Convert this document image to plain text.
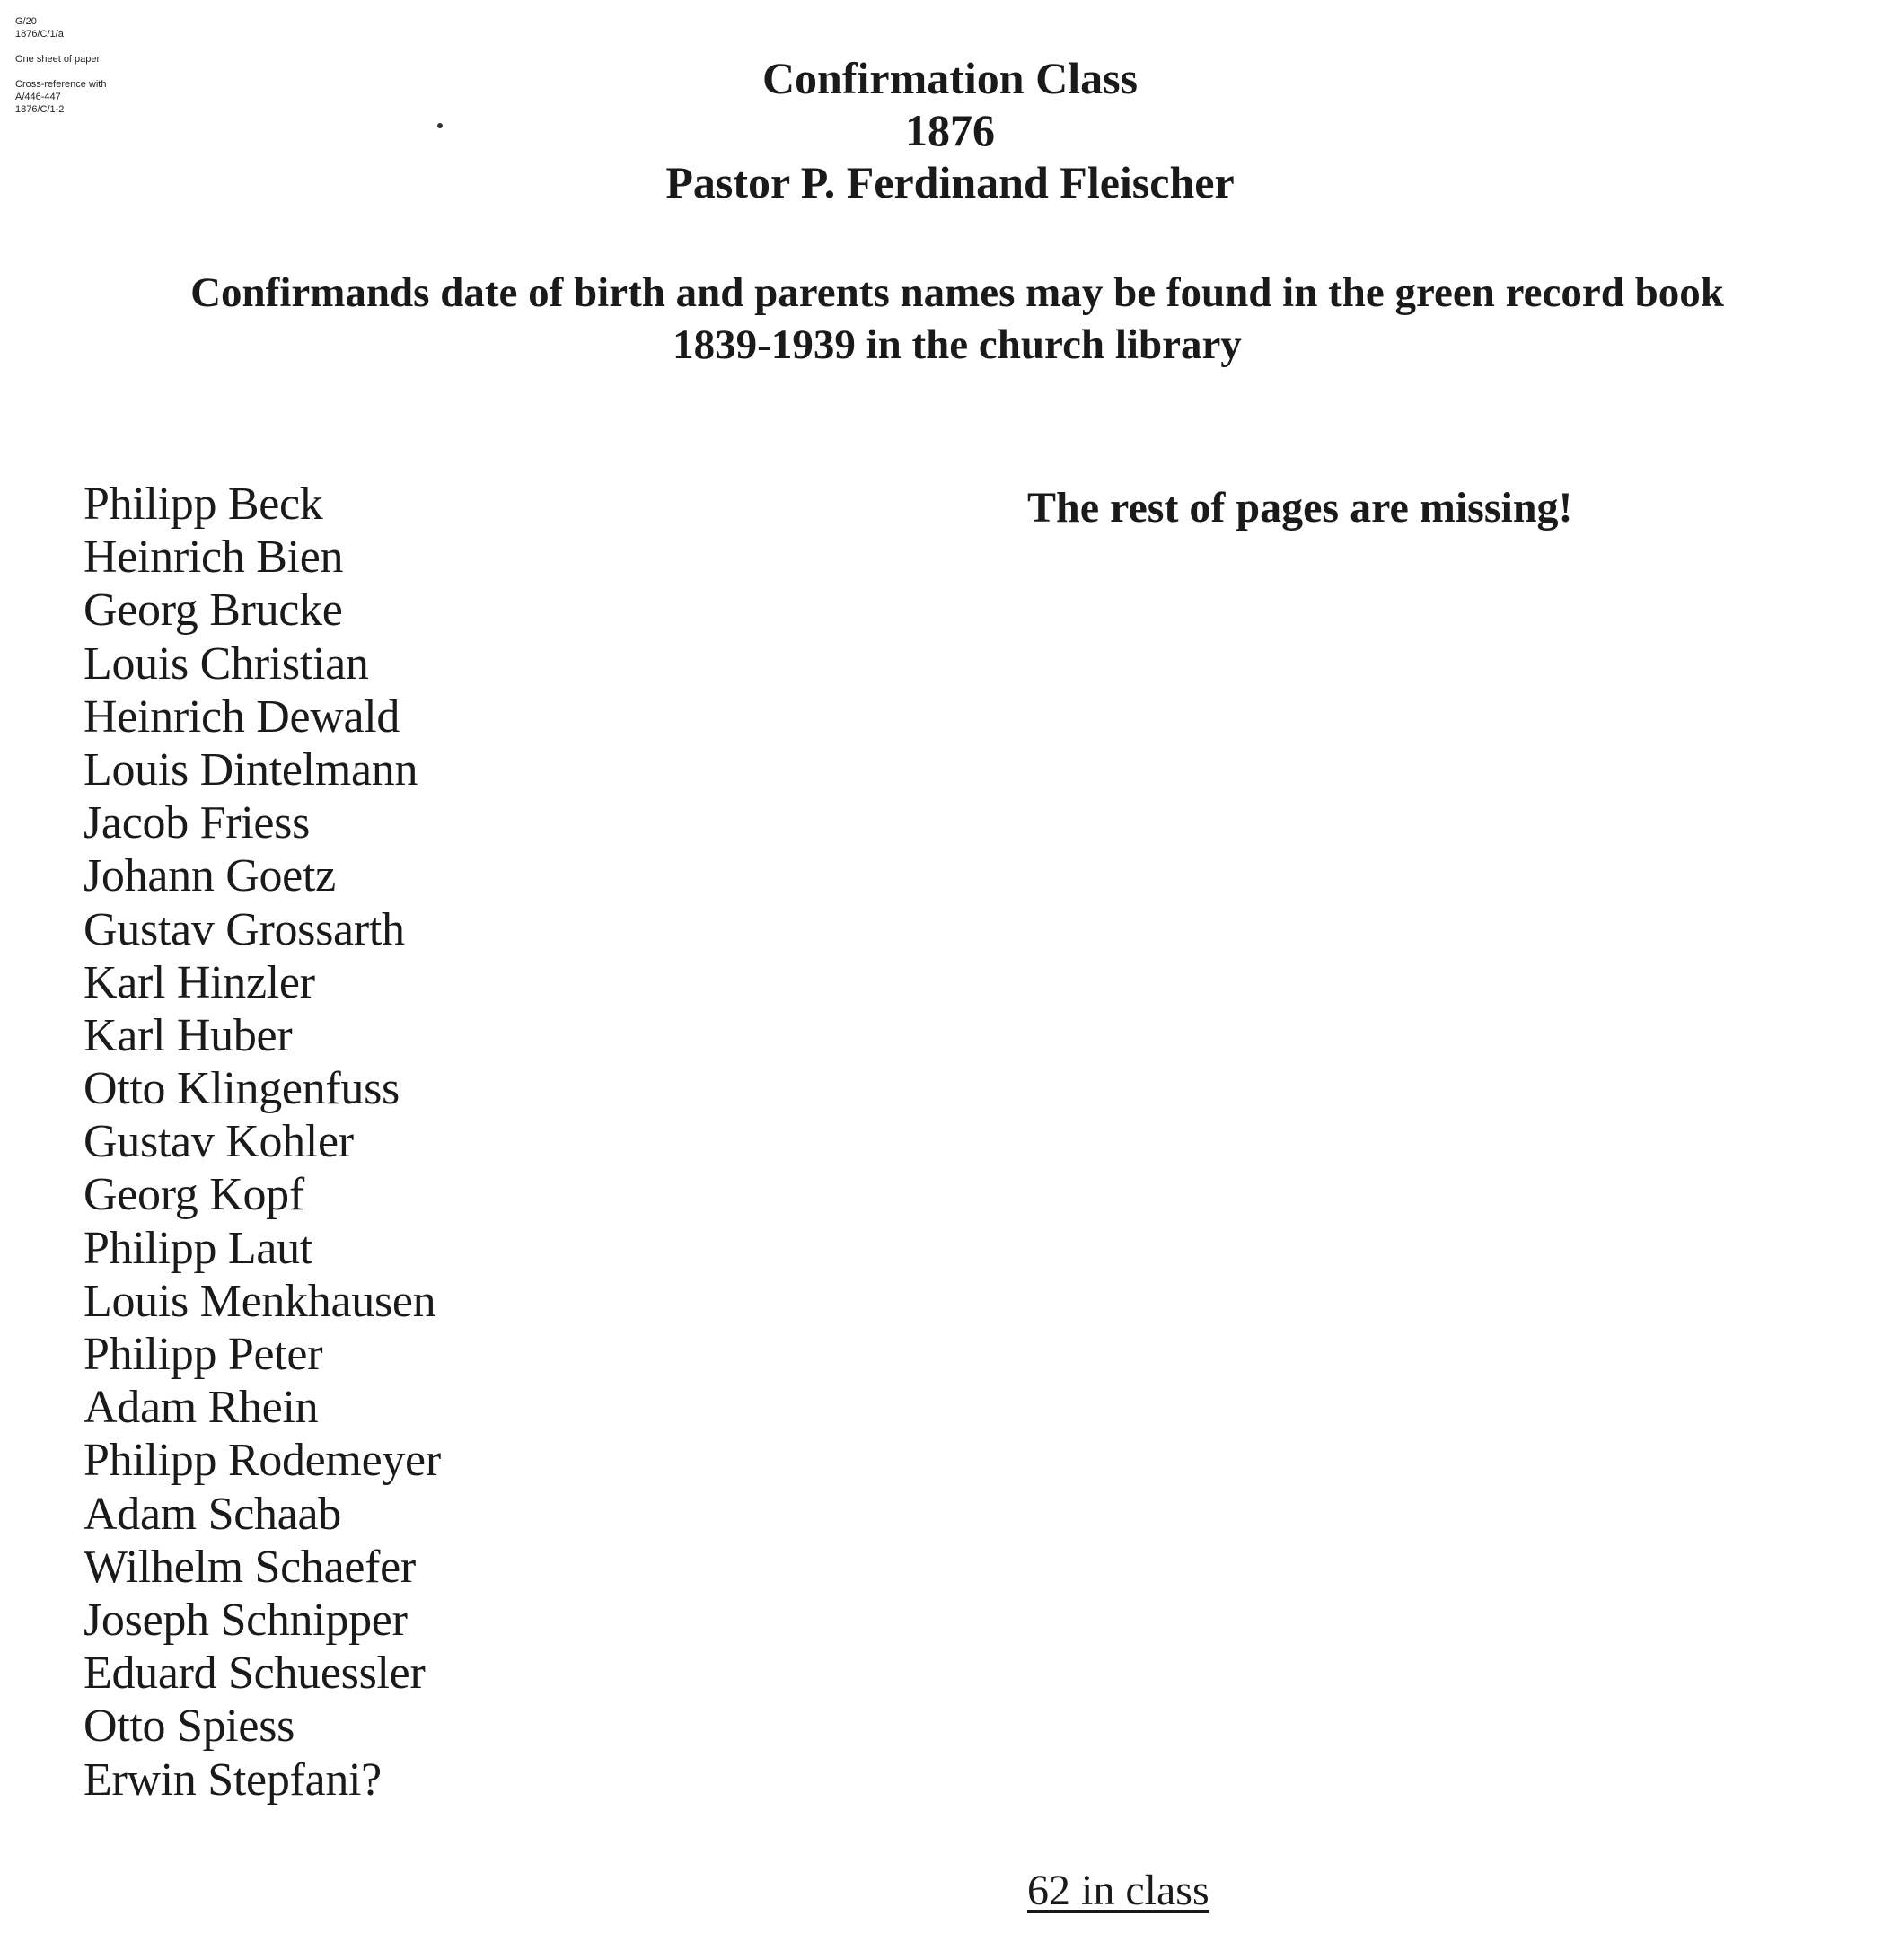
G/20
1876/C/1/a
One sheet of paper
Cross-reference with
A/446-447
1876/C/1-2
Confirmation Class
1876
Pastor P. Ferdinand Fleischer
Confirmands date of birth and parents names may be found in the green record book
1839-1939 in the church library
Philipp Beck
Heinrich Bien
Georg Brucke
Louis Christian
Heinrich Dewald
Louis Dintelmann
Jacob Friess
Johann Goetz
Gustav Grossarth
Karl Hinzler
Karl Huber
Otto Klingenfuss
Gustav Kohler
Georg Kopf
Philipp Laut
Louis Menkhausen
Philipp Peter
Adam Rhein
Philipp Rodemeyer
Adam Schaab
Wilhelm Schaefer
Joseph Schnipper
Eduard Schuessler
Otto Spiess
Erwin Stepfani?
The rest of pages are missing!
62 in class
